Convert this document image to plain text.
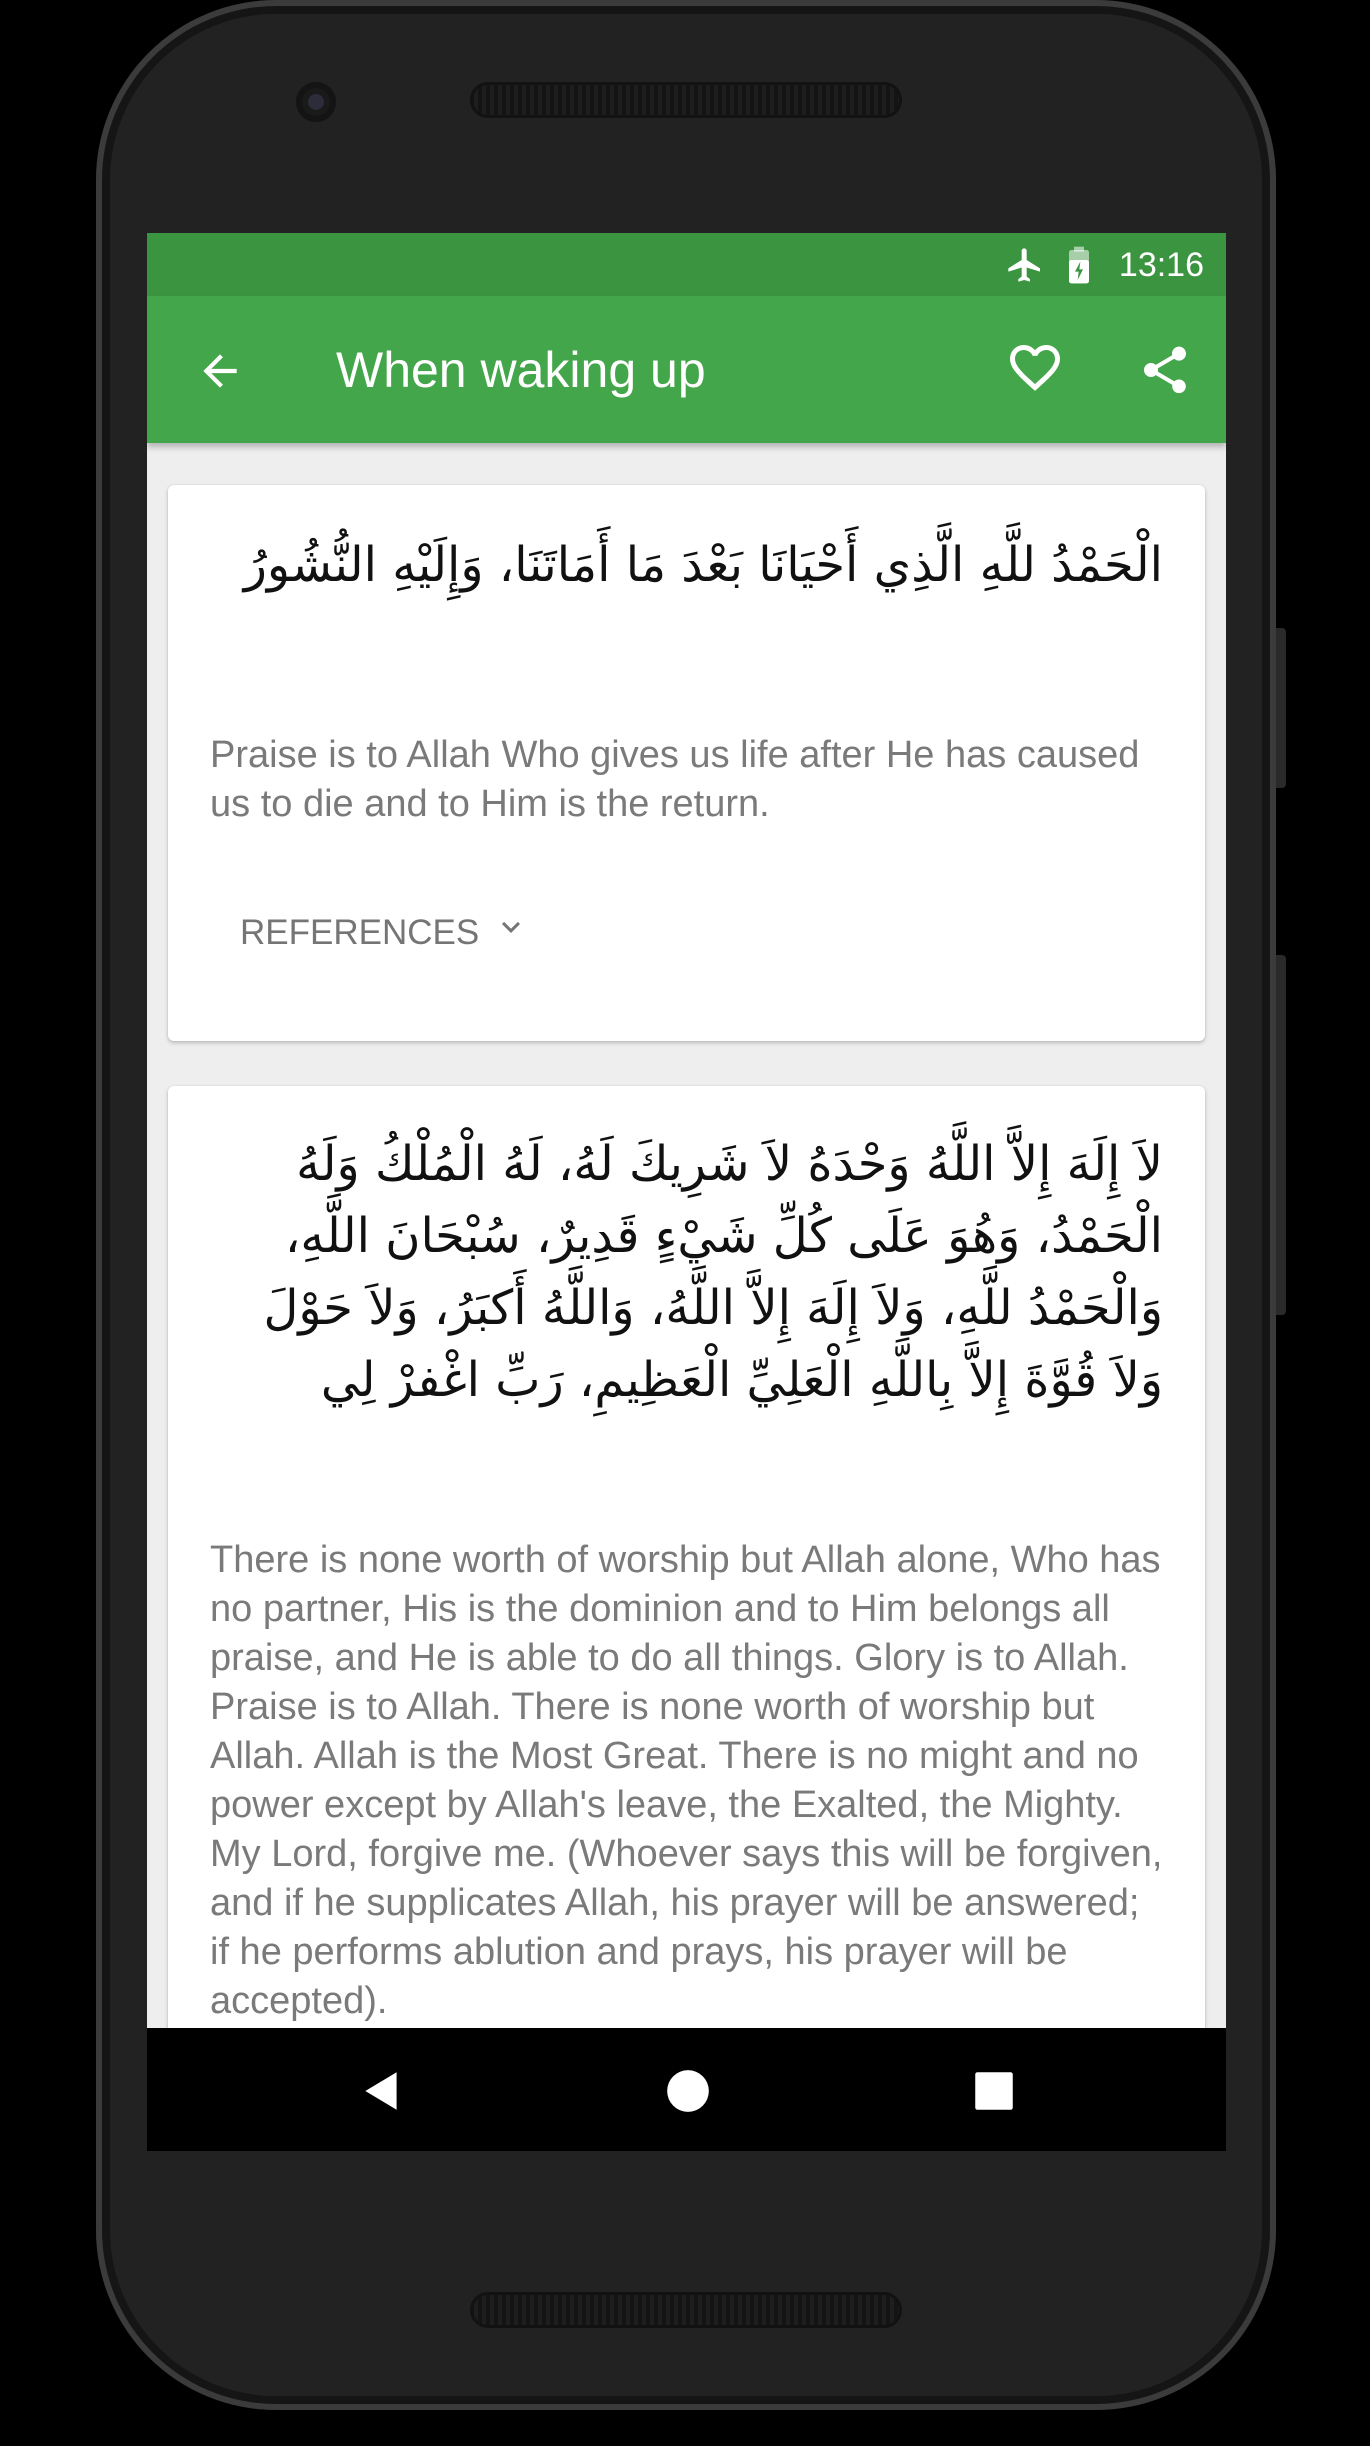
13:16
When waking up
الْحَمْدُ للَّهِ الَّذِي أَحْيَانَا بَعْدَ مَا أَمَاتَنَا، وَإِلَيْهِ النُّشُورُ
Praise is to Allah Who gives us life after He has caused us to die and to Him is the return.
REFERENCES
لاَ إِلَهَ إِلاَّ اللَّهُ وَحْدَهُ لاَ شَرِيكَ لَهُ، لَهُ الْمُلْكُ وَلَهُ الْحَمْدُ، وَهُوَ عَلَى كُلِّ شَيْءٍ قَدِيرٌ، سُبْحَانَ اللَّهِ، وَالْحَمْدُ للَّهِ، وَلاَ إِلَهَ إِلاَّ اللَّهُ، وَاللَّهُ أَكبَرُ، وَلاَ حَوْلَ وَلاَ قُوَّةَ إِلاَّ بِاللَّهِ الْعَلِيِّ الْعَظِيمِ، رَبِّ اغْفرْ لِي
There is none worth of worship but Allah alone, Who has no partner, His is the dominion and to Him belongs all praise, and He is able to do all things. Glory is to Allah. Praise is to Allah. There is none worth of worship but Allah. Allah is the Most Great. There is no might and no power except by Allah's leave, the Exalted, the Mighty. My Lord, forgive me. (Whoever says this will be forgiven, and if he supplicates Allah, his prayer will be answered; if he performs ablution and prays, his prayer will be accepted).
